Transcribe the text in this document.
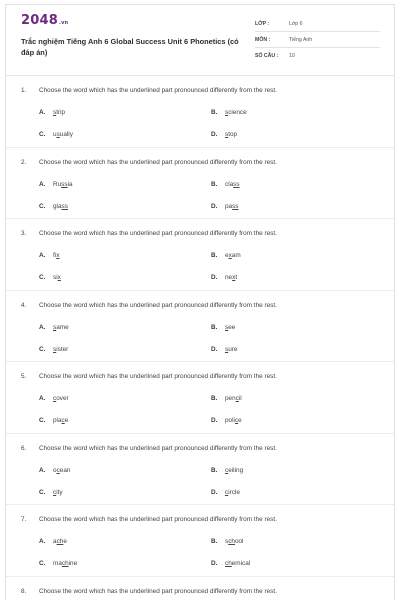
2048.vn
Trắc nghiệm Tiếng Anh 6 Global Success Unit 6 Phonetics (có đáp án)
LỚP :	Lớp 6
MÔN :	Tiếng Anh
SỐ CÂU : 10
1. Choose the word which has the underlined part pronounced differently from the rest.
A. strip	B. science
C. usually	D. stop
2. Choose the word which has the underlined part pronounced differently from the rest.
A. Russia	B. class
C. glass	D. pass
3. Choose the word which has the underlined part pronounced differently from the rest.
A. fix	B. exam
C. six	D. next
4. Choose the word which has the underlined part pronounced differently from the rest.
A. same	B. see
C. sister	D. sure
5. Choose the word which has the underlined part pronounced differently from the rest.
A. cover	B. pencil
C. place	D. police
6. Choose the word which has the underlined part pronounced differently from the rest.
A. ocean	B. ceiling
C. city	D. circle
7. Choose the word which has the underlined part pronounced differently from the rest.
A. ache	B. school
C. machine	D. chemical
8. Choose the word which has the underlined part pronounced differently from the rest.
